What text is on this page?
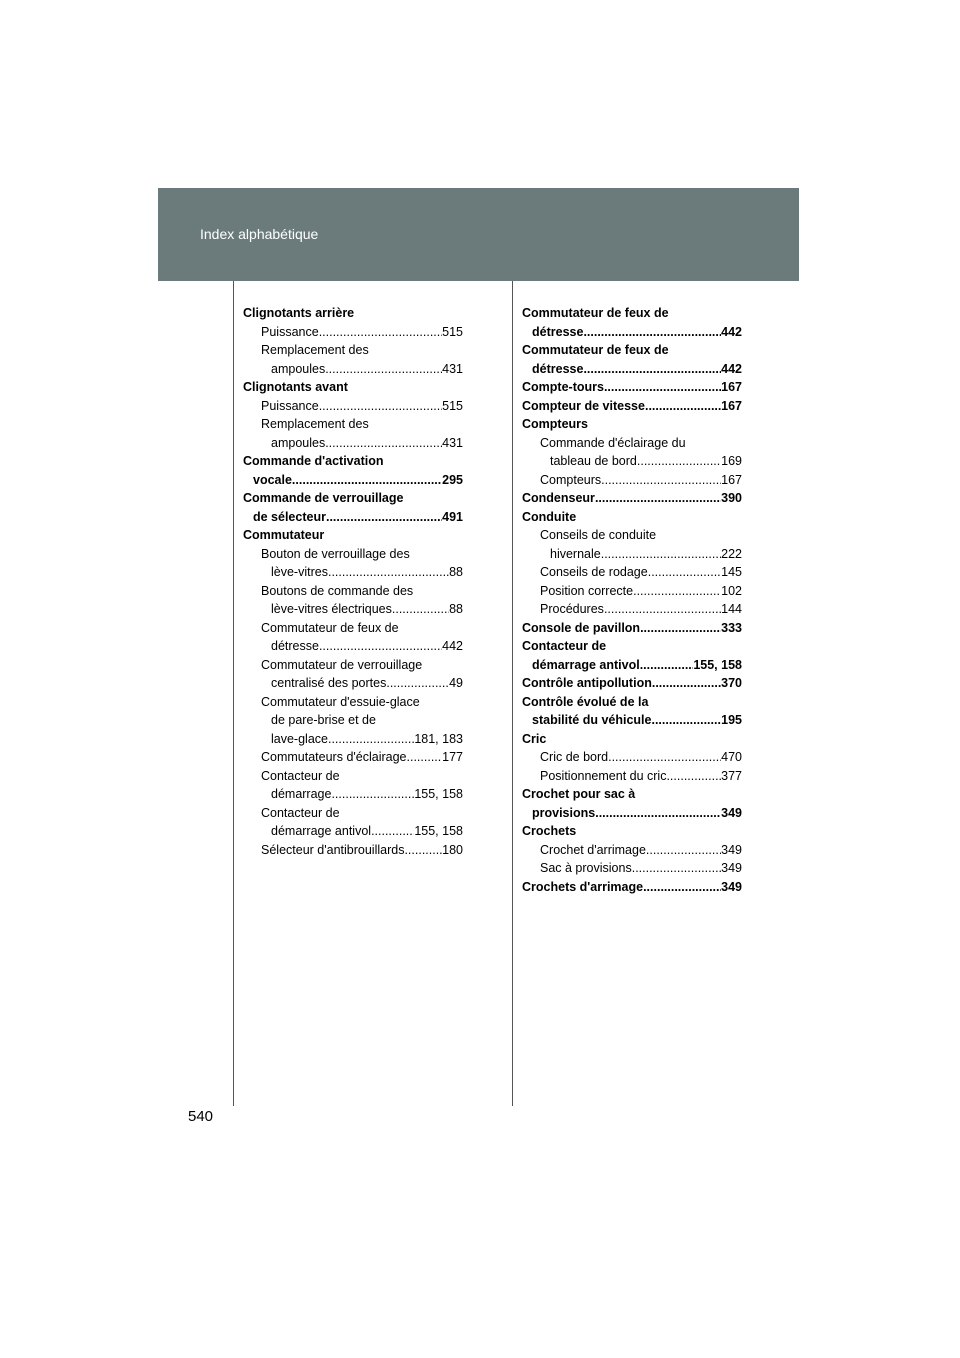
Index alphabétique
Clignotants arrière
Puissance .....	515
Remplacement des
ampoules .....	431
Clignotants avant
Puissance .....	515
Remplacement des
ampoules .....	431
Commande d'activation
vocale .....	295
Commande de verrouillage
de sélecteur .....	491
Commutateur
Bouton de verrouillage des
lève-vitres .....	88
Boutons de commande des
lève-vitres électriques .....	88
Commutateur de feux de
détresse .....	442
Commutateur de verrouillage
centralisé des portes .....	49
Commutateur d'essuie-glace
de pare-brise et de
lave-glace .....	181, 183
Commutateurs d'éclairage .....	177
Contacteur de
démarrage .....	155, 158
Contacteur de
démarrage antivol .....	155, 158
Sélecteur d'antibrouillards .....	180
Commutateur de feux de
détresse .....	442
Commutateur de feux de
détresse .....	442
Compte-tours .....	167
Compteur de vitesse .....	167
Compteurs
Commande d'éclairage du
tableau de bord .....	169
Compteurs .....	167
Condenseur .....	390
Conduite
Conseils de conduite
hivernale .....	222
Conseils de rodage .....	145
Position correcte .....	102
Procédures .....	144
Console de pavillon .....	333
Contacteur de
démarrage antivol .....	155, 158
Contrôle antipollution .....	370
Contrôle évolué de la
stabilité du véhicule .....	195
Cric
Cric de bord .....	470
Positionnement du cric .....	377
Crochet pour sac à
provisions .....	349
Crochets
Crochet d'arrimage .....	349
Sac à provisions .....	349
Crochets d'arrimage .....	349
540
